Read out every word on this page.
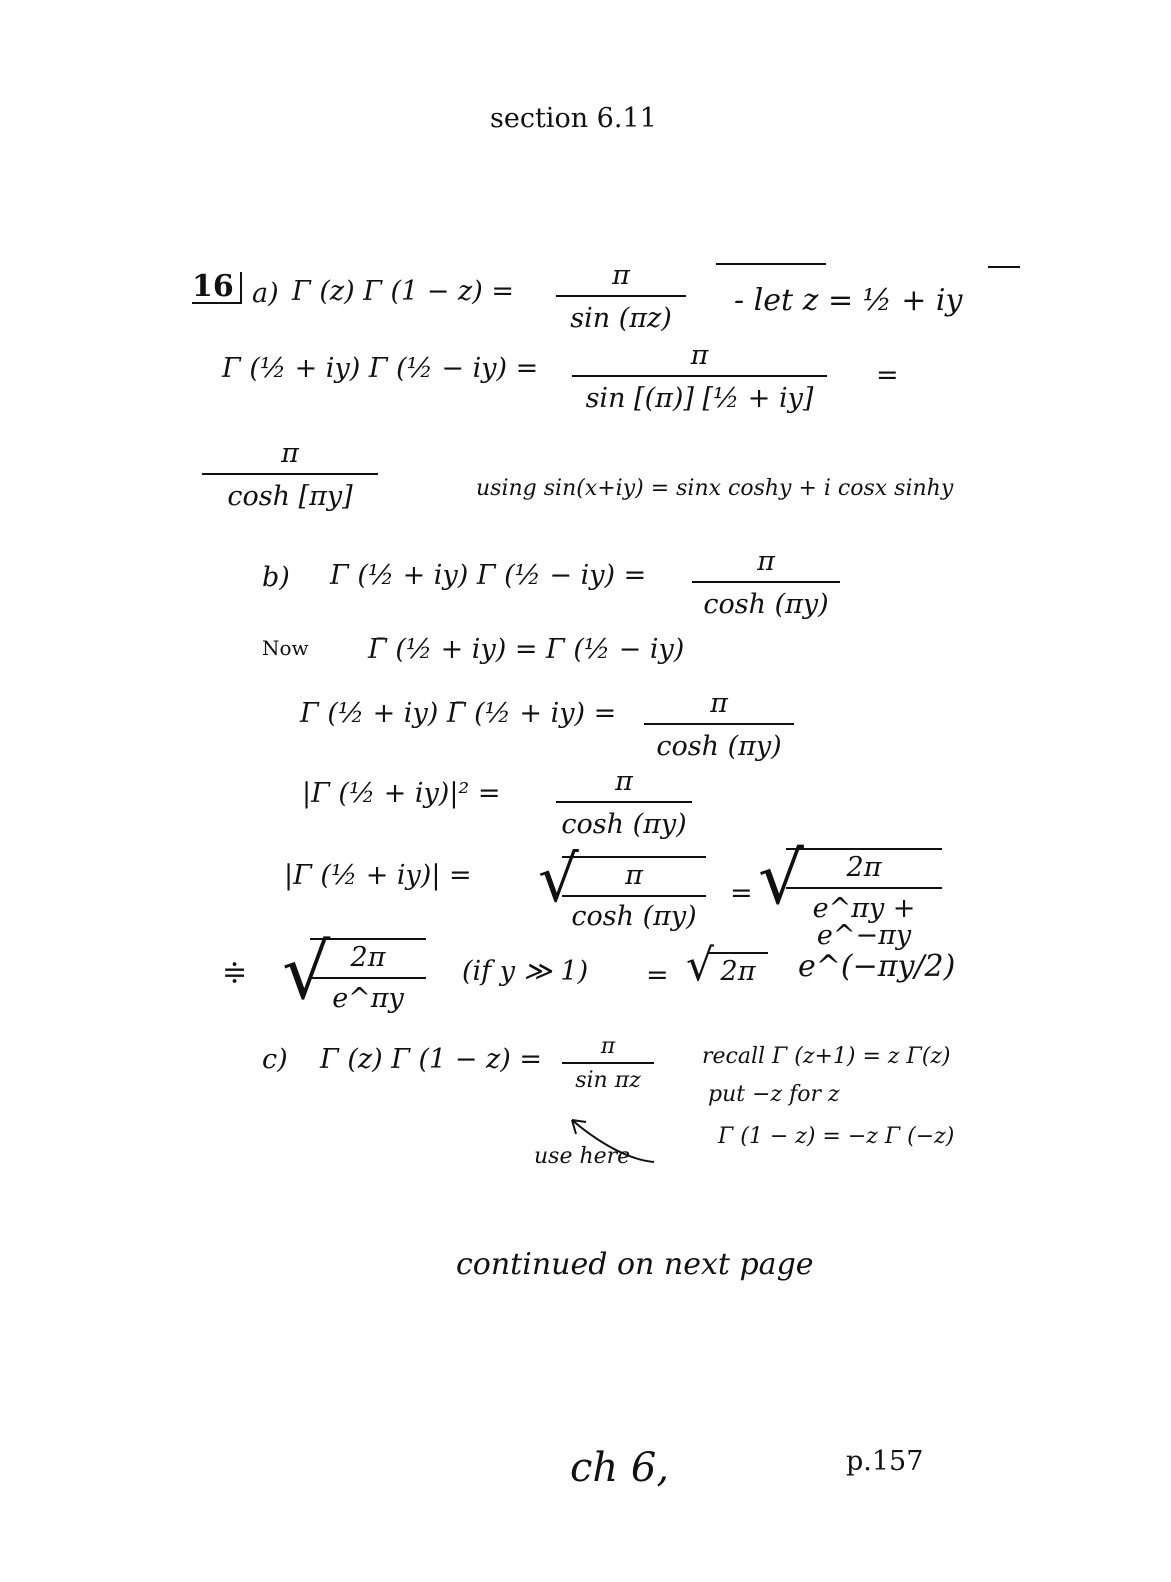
section 6.11
16 a) Γ (z) Γ (1 − z) =
π
sin (πz)
- let z = ½ + iy
Γ (½ + iy) Γ (½ − iy) =	π
sin [(π)] [½ + iy]
=
π
cosh [πy]	using sin(x+iy) = sinx coshy + i cosx sinhy
b) Γ (½ + iy) Γ (½ − iy) =	π
cosh (πy)
Now Γ̄ (½ + iy) = Γ (½ − iy)
Γ (½ + iy) Γ̄ (½ + iy) =	π
cosh (πy)
|Γ (½ + iy)|² =	π
cosh (πy)
|Γ (½ + iy)| = √	π
cosh (πy)
= √	2π
e^πy + e^−πy
≑ √ 2π
e^πy
(if y ≫ 1) = √ 2π	e^(−πy/2)
c) Γ (z) Γ (1 − z) =	π
sin πz
recall Γ (z+1) = z Γ(z)
put −z for z
Γ (1 − z) = −z Γ (−z)
use here
continued on next page
ch 6,	p.157
